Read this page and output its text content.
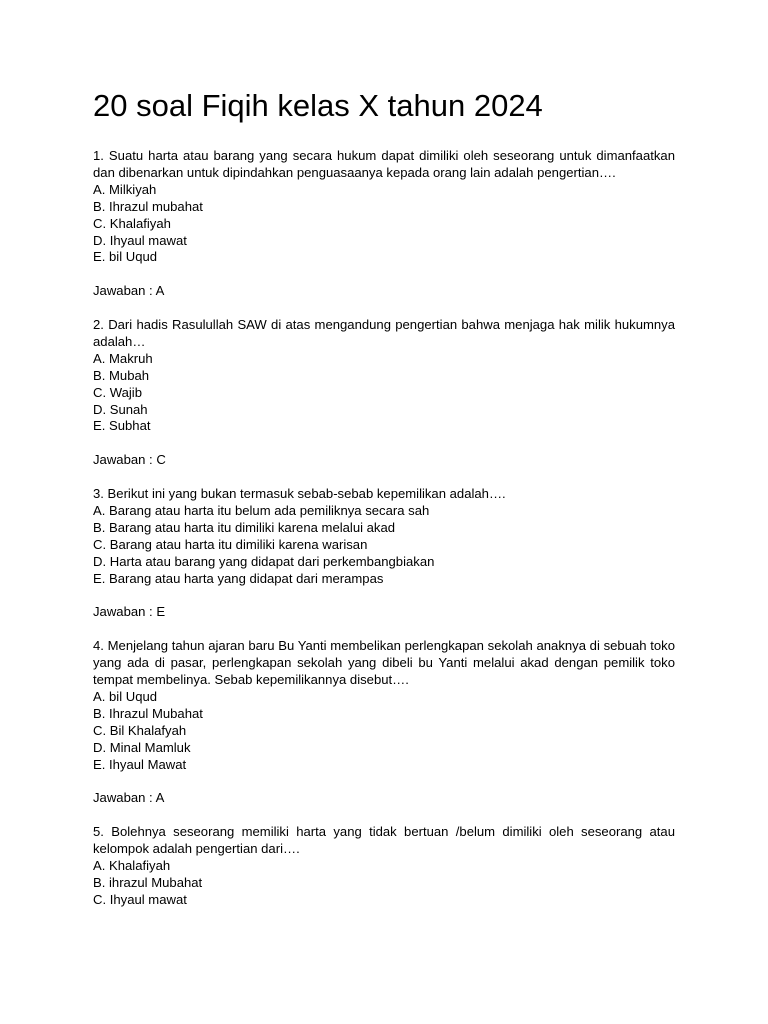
20 soal Fiqih kelas X tahun 2024

1. Suatu harta atau barang yang secara hukum dapat dimiliki oleh seseorang untuk dimanfaatkan dan dibenarkan untuk dipindahkan penguasaanya kepada orang lain adalah pengertian….

A. Milkiyah

B. Ihrazul mubahat

C. Khalafiyah

D. Ihyaul mawat

E. bil Uqud

Jawaban : A

2. Dari hadis Rasulullah SAW di atas mengandung pengertian bahwa menjaga hak milik hukumnya adalah…

A. Makruh

B. Mubah

C. Wajib

D. Sunah

E. Subhat

Jawaban : C

3. Berikut ini yang bukan termasuk sebab-sebab kepemilikan adalah….

A. Barang atau harta itu belum ada pemiliknya secara sah

B. Barang atau harta itu dimiliki karena melalui akad

C. Barang atau harta itu dimiliki karena warisan

D. Harta atau barang yang didapat dari perkembangbiakan

E. Barang atau harta yang didapat dari merampas

Jawaban : E

4. Menjelang tahun ajaran baru Bu Yanti membelikan perlengkapan sekolah anaknya di sebuah toko yang ada di pasar, perlengkapan sekolah yang dibeli bu Yanti melalui akad dengan pemilik toko tempat membelinya. Sebab kepemilikannya disebut….

A. bil Uqud

B. Ihrazul Mubahat

C. Bil Khalafyah

D. Minal Mamluk

E. Ihyaul Mawat

Jawaban : A

5. Bolehnya seseorang memiliki harta yang tidak bertuan /belum dimiliki oleh seseorang atau kelompok adalah pengertian dari….

A. Khalafiyah

B. ihrazul Mubahat

C. Ihyaul mawat
